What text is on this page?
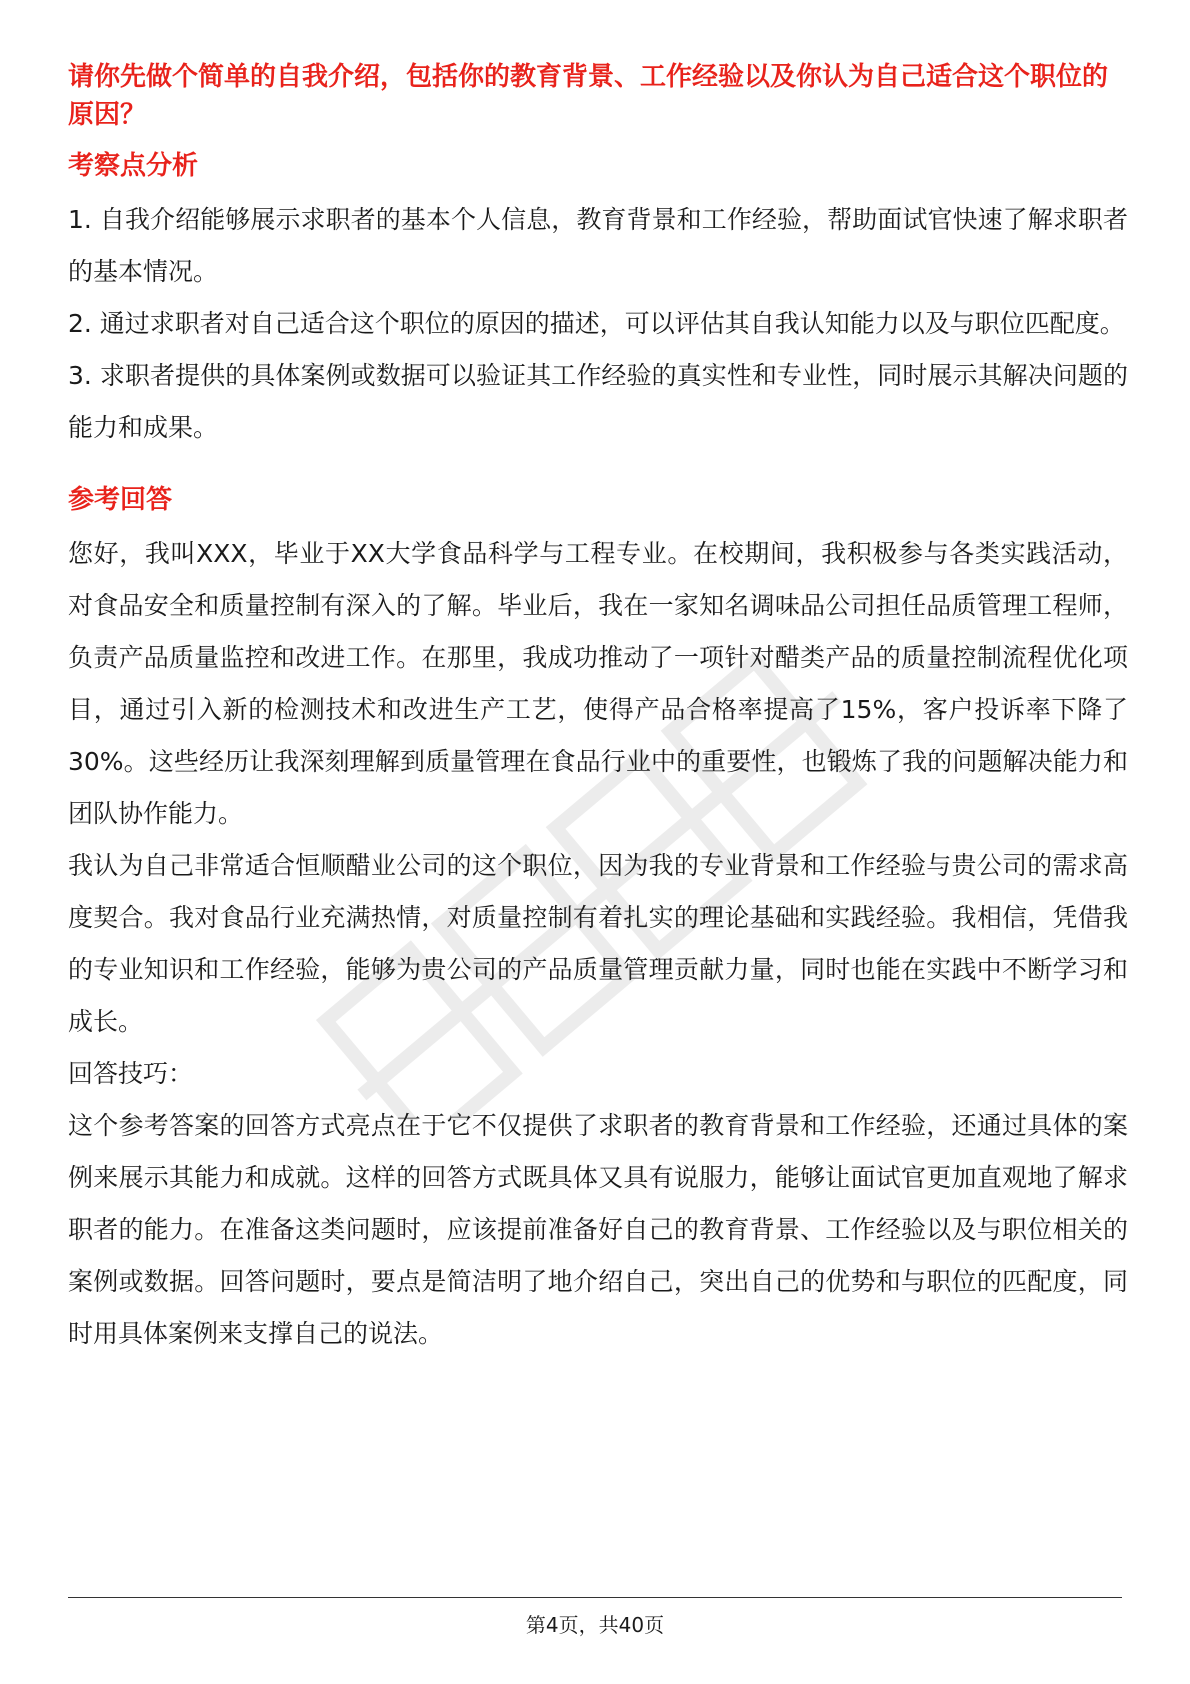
请你先做个简单的自我介绍，包括你的教育背景、工作经验以及你认为自己适合这个职位的原因？

考察点分析

1. 自我介绍能够展示求职者的基本个人信息，教育背景和工作经验，帮助面试官快速了解求职者的基本情况。

2. 通过求职者对自己适合这个职位的原因的描述，可以评估其自我认知能力以及与职位匹配度。

3. 求职者提供的具体案例或数据可以验证其工作经验的真实性和专业性，同时展示其解决问题的能力和成果。

参考回答

您好，我叫XXX，毕业于XX大学食品科学与工程专业。在校期间，我积极参与各类实践活动，对食品安全和质量控制有深入的了解。毕业后，我在一家知名调味品公司担任品质管理工程师，负责产品质量监控和改进工作。在那里，我成功推动了一项针对醋类产品的质量控制流程优化项目，通过引入新的检测技术和改进生产工艺，使得产品合格率提高了15%，客户投诉率下降了30%。这些经历让我深刻理解到质量管理在食品行业中的重要性，也锻炼了我的问题解决能力和团队协作能力。

我认为自己非常适合恒顺醋业公司的这个职位，因为我的专业背景和工作经验与贵公司的需求高度契合。我对食品行业充满热情，对质量控制有着扎实的理论基础和实践经验。我相信，凭借我的专业知识和工作经验，能够为贵公司的产品质量管理贡献力量，同时也能在实践中不断学习和成长。

回答技巧：

这个参考答案的回答方式亮点在于它不仅提供了求职者的教育背景和工作经验，还通过具体的案例来展示其能力和成就。这样的回答方式既具体又具有说服力，能够让面试官更加直观地了解求职者的能力。在准备这类问题时，应该提前准备好自己的教育背景、工作经验以及与职位相关的案例或数据。回答问题时，要点是简洁明了地介绍自己，突出自己的优势和与职位的匹配度，同时用具体案例来支撑自己的说法。

第4页，共40页
